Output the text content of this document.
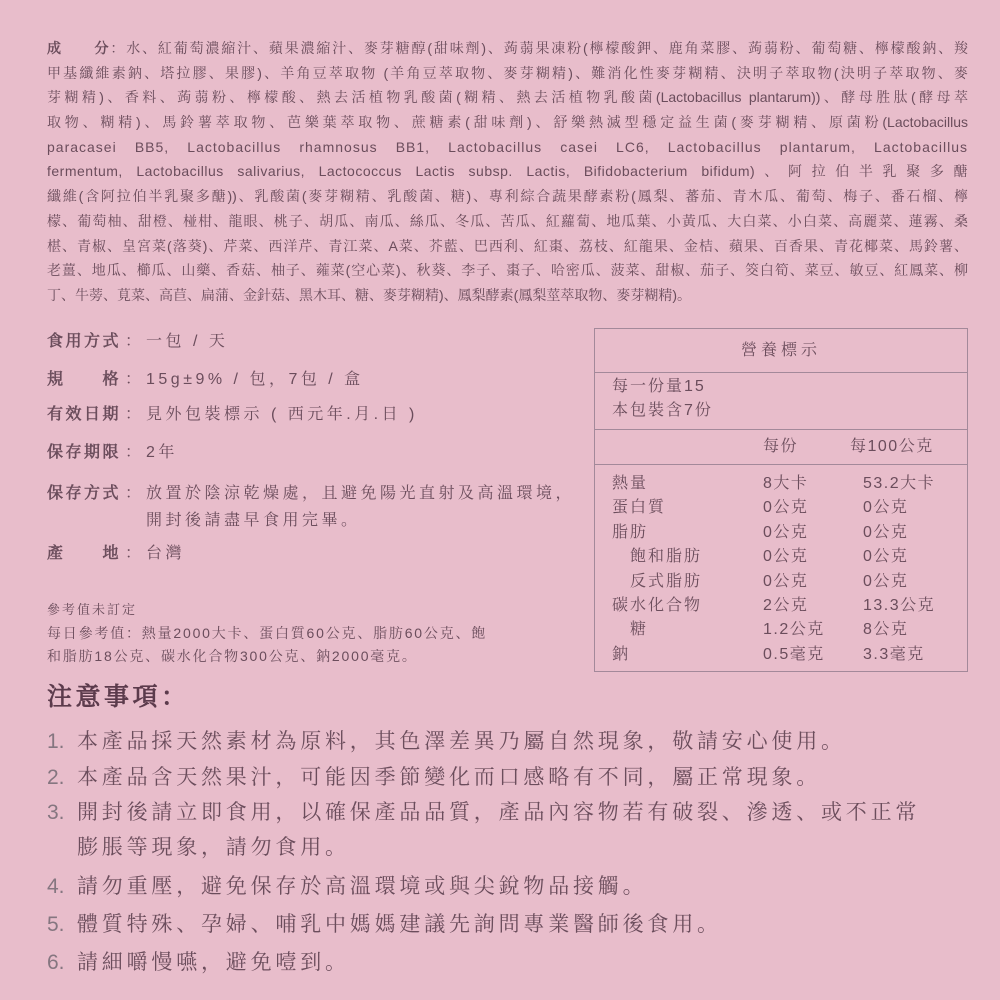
成　　分：水、紅葡萄濃縮汁、蘋果濃縮汁、麥芽糖醇(甜味劑)、蒟蒻果凍粉(檸檬酸鉀、鹿角菜膠、蒟蒻粉、葡萄糖、檸檬酸鈉、羧
甲基纖維素鈉、塔拉膠、果膠)、羊角豆萃取物 (羊角豆萃取物、麥芽糊精)、難消化性麥芽糊精、決明子萃取物(決明子萃取物、麥
芽糊精)、香料、蒟蒻粉、檸檬酸、熱去活植物乳酸菌(糊精、熱去活植物乳酸菌(Lactobacillus plantarum))、酵母胜肽(酵母萃
取物、糊精)、馬鈴薯萃取物、芭樂葉萃取物、蔗糖素(甜味劑)、舒樂熱滅型穩定益生菌(麥芽糊精、原菌粉(Lactobacillus
paracasei BB5, Lactobacillus rhamnosus BB1, Lactobacillus casei LC6, Lactobacillus plantarum, Lactobacillus
fermentum, Lactobacillus salivarius, Lactococcus Lactis subsp. Lactis, Bifidobacterium bifidum)、阿拉伯半乳聚多醣
纖維(含阿拉伯半乳聚多醣))、乳酸菌(麥芽糊精、乳酸菌、糖)、專利綜合蔬果酵素粉(鳳梨、蕃茄、青木瓜、葡萄、梅子、番石榴、檸
檬、葡萄柚、甜橙、椪柑、龍眼、桃子、胡瓜、南瓜、絲瓜、冬瓜、苦瓜、紅蘿蔔、地瓜葉、小黃瓜、大白菜、小白菜、高麗菜、蓮霧、桑
椹、青椒、皇宮菜(落葵)、芹菜、西洋芹、青江菜、A菜、芥藍、巴西利、紅棗、荔枝、紅龍果、金桔、蘋果、百香果、青花椰菜、馬鈴薯、
老薑、地瓜、櫛瓜、山藥、香菇、柚子、蕹菜(空心菜)、秋葵、李子、棗子、哈密瓜、菠菜、甜椒、茄子、筊白筍、菜豆、敏豆、紅鳳菜、柳
丁、牛蒡、莧菜、高苣、扁蒲、金針菇、黑木耳、糖、麥芽糊精)、鳳梨酵素(鳳梨莖萃取物、麥芽糊精)。
食用方式 ： 一包 / 天
規　　格 ： 15g±9% / 包，7包 / 盒
有效日期 ： 見外包裝標示 ( 西元年.月.日 )
保存期限 ： 2年
保存方式 ： 放置於陰涼乾燥處，且避免陽光直射及高溫環境，
開封後請盡早食用完畢。
產　　地 ： 台灣
參考值未訂定
每日參考值：熱量2000大卡、蛋白質60公克、脂肪60公克、飽
和脂肪18公克、碳水化合物300公克、鈉2000毫克。
營養標示
每一份量15
本包裝含7份
每份	每100公克
熱量	8大卡	53.2大卡
蛋白質	0公克	0公克
脂肪	0公克	0公克
飽和脂肪	0公克	0公克
反式脂肪	0公克	0公克
碳水化合物	2公克	13.3公克
糖	1.2公克 8公克
鈉	0.5毫克 3.3毫克
注意事項：
1. 本產品採天然素材為原料，其色澤差異乃屬自然現象，敬請安心使用。
2. 本產品含天然果汁，可能因季節變化而口感略有不同，屬正常現象。
3. 開封後請立即食用，以確保產品品質，產品內容物若有破裂、滲透、或不正常
膨脹等現象，請勿食用。
4. 請勿重壓，避免保存於高溫環境或與尖銳物品接觸。
5. 體質特殊、孕婦、哺乳中媽媽建議先詢問專業醫師後食用。
6. 請細嚼慢嚥，避免噎到。
